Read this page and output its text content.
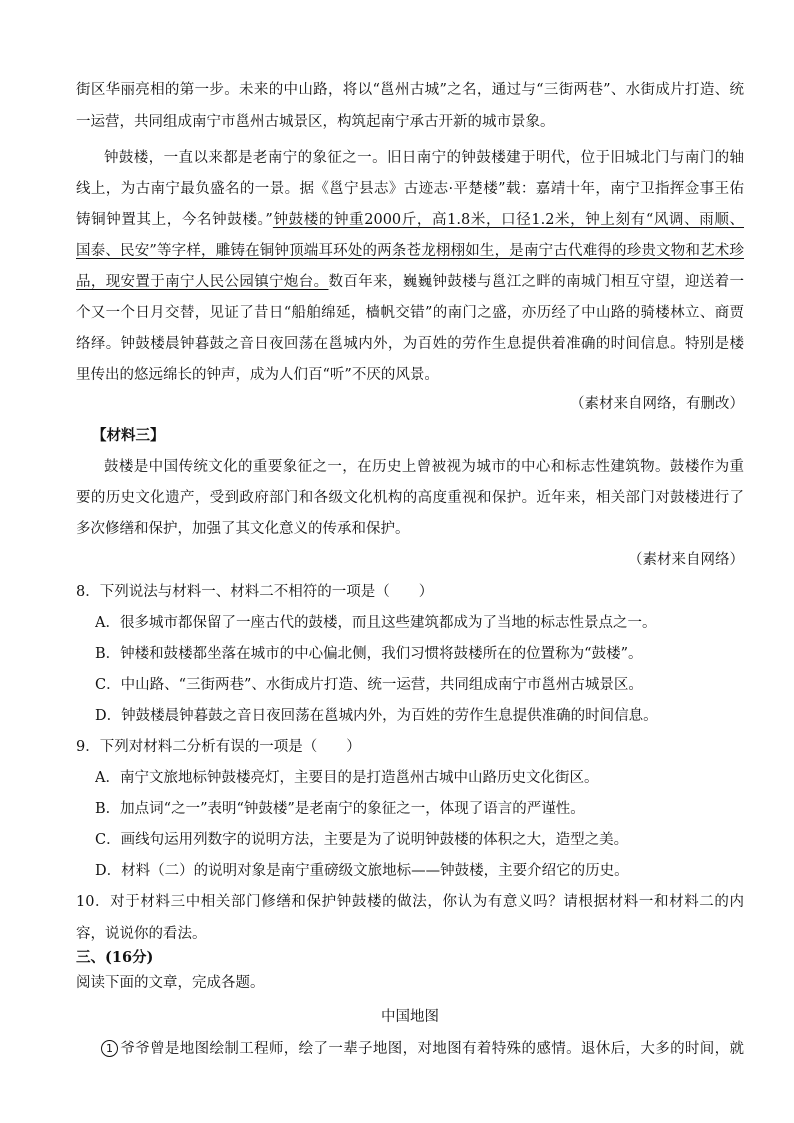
街区华丽亮相的第一步。未来的中山路，将以“邕州古城”之名，通过与“三街两巷”、水街成片打造、统
一运营，共同组成南宁市邕州古城景区，构筑起南宁承古开新的城市景象。
钟鼓楼，一直以来都是老南宁的象征之一。旧日南宁的钟鼓楼建于明代，位于旧城北门与南门的轴
线上，为古南宁最负盛名的一景。据《邕宁县志》古迹志·平楚楼”载：嘉靖十年，南宁卫指挥佥事王佑
铸铜钟置其上，今名钟鼓楼。”钟鼓楼的钟重2000斤，高1.8米，口径1.2米，钟上刻有“风调、雨顺、
国泰、民安”等字样，雕铸在铜钟顶端耳环处的两条苍龙栩栩如生，是南宁古代难得的珍贵文物和艺术珍
品，现安置于南宁人民公园镇宁炮台。数百年来，巍巍钟鼓楼与邕江之畔的南城门相互守望，迎送着一
个又一个日月交替，见证了昔日“船舶绵延，樯帆交错”的南门之盛，亦历经了中山路的骑楼林立、商贾
络绎。钟鼓楼晨钟暮鼓之音日夜回荡在邕城内外，为百姓的劳作生息提供着准确的时间信息。特别是楼
里传出的悠远绵长的钟声，成为人们百“听”不厌的风景。
（素材来自网络，有删改）
【材料三】
鼓楼是中国传统文化的重要象征之一，在历史上曾被视为城市的中心和标志性建筑物。鼓楼作为重
要的历史文化遗产，受到政府部门和各级文化机构的高度重视和保护。近年来，相关部门对鼓楼进行了
多次修缮和保护，加强了其文化意义的传承和保护。
（素材来自网络）
8．下列说法与材料一、材料二不相符的一项是（　　）
A．很多城市都保留了一座古代的鼓楼，而且这些建筑都成为了当地的标志性景点之一。
B．钟楼和鼓楼都坐落在城市的中心偏北侧，我们习惯将鼓楼所在的位置称为“鼓楼”。
C．中山路、“三街两巷”、水街成片打造、统一运营，共同组成南宁市邕州古城景区。
D．钟鼓楼晨钟暮鼓之音日夜回荡在邕城内外，为百姓的劳作生息提供准确的时间信息。
9．下列对材料二分析有误的一项是（　　）
A．南宁文旅地标钟鼓楼亮灯，主要目的是打造邕州古城中山路历史文化街区。
B．加点词“之一”表明“钟鼓楼”是老南宁的象征之一，体现了语言的严谨性。
C．画线句运用列数字的说明方法，主要是为了说明钟鼓楼的体积之大，造型之美。
D．材料（二）的说明对象是南宁重磅级文旅地标——钟鼓楼，主要介绍它的历史。
10．对于材料三中相关部门修缮和保护钟鼓楼的做法，你认为有意义吗？请根据材料一和材料二的内
容，说说你的看法。
三、(16分)
阅读下面的文章，完成各题。
中国地图
1 爷爷曾是地图绘制工程师，绘了一辈子地图，对地图有着特殊的感情。退休后，大多的时间，就
